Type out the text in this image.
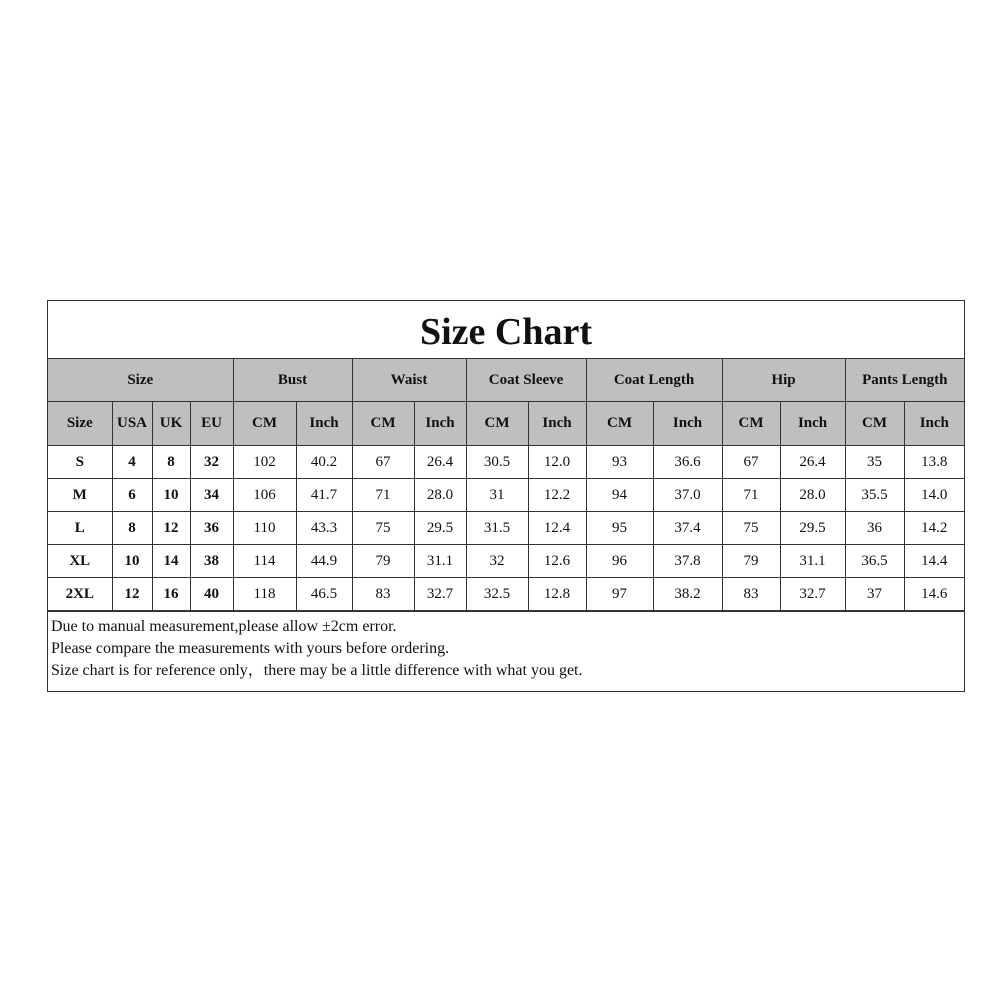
Size Chart
Size				Bust		Waist		Coat Sleeve		Coat Length		Hip		Pants Length	
Size	USA	UK	EU	CM	Inch	CM	Inch	CM	Inch	CM	Inch	CM	Inch	CM	Inch
S	4	8	32	102	40.2	67	26.4	30.5	12.0	93	36.6	67	26.4	35	13.8
M	6	10	34	106	41.7	71	28.0	31	12.2	94	37.0	71	28.0	35.5	14.0
L	8	12	36	110	43.3	75	29.5	31.5	12.4	95	37.4	75	29.5	36	14.2
XL	10	14	38	114	44.9	79	31.1	32	12.6	96	37.8	79	31.1	36.5	14.4
2XL	12	16	40	118	46.5	83	32.7	32.5	12.8	97	38.2	83	32.7	37	14.6
Due to manual measurement,please allow ±2cm error.
Please compare the measurements with yours before ordering.
Size chart is for reference only，there may be a little difference with what you get.
